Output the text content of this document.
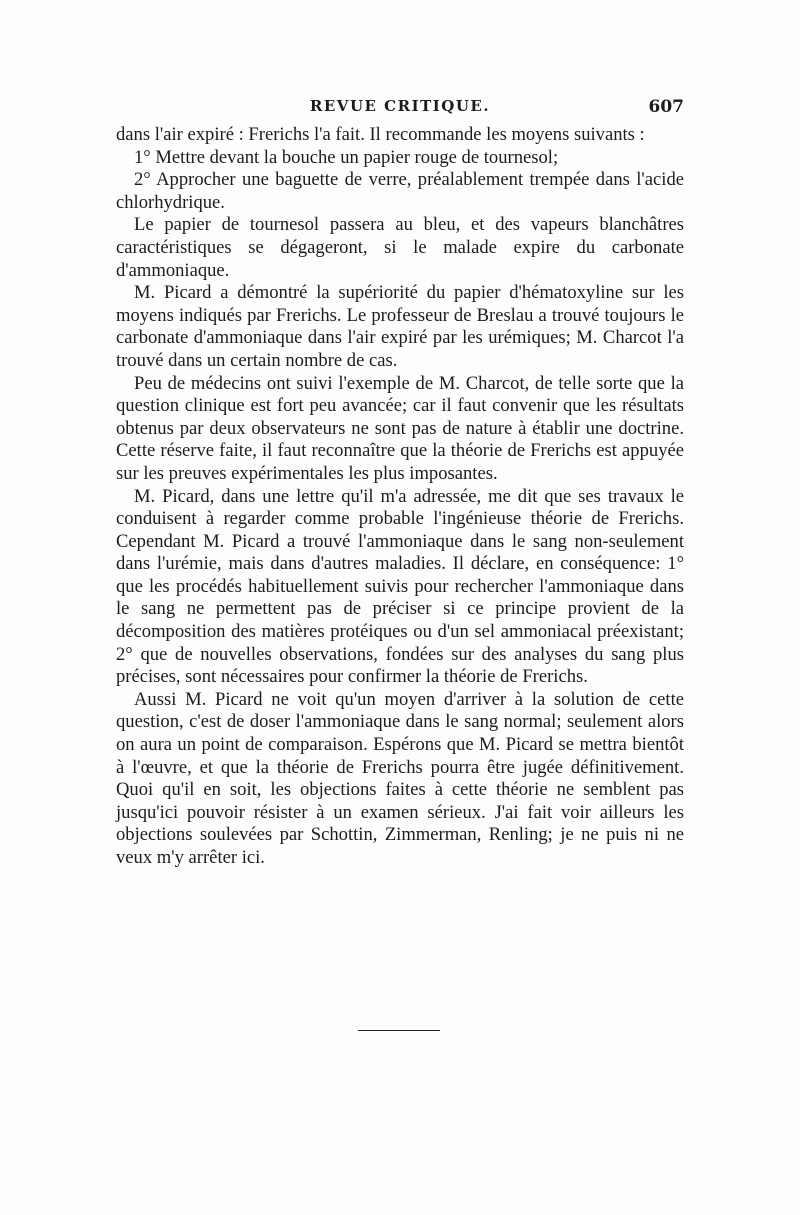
REVUE CRITIQUE.	607

dans l'air expiré : Frerichs l'a fait. Il recommande les moyens suivants :

1° Mettre devant la bouche un papier rouge de tournesol;

2° Approcher une baguette de verre, préalablement trempée dans l'acide chlorhydrique.

Le papier de tournesol passera au bleu, et des vapeurs blanchâtres caractéristiques se dégageront, si le malade expire du carbonate d'ammoniaque.

M. Picard a démontré la supériorité du papier d'hématoxyline sur les moyens indiqués par Frerichs. Le professeur de Breslau a trouvé toujours le carbonate d'ammoniaque dans l'air expiré par les urémiques; M. Charcot l'a trouvé dans un certain nombre de cas.

Peu de médecins ont suivi l'exemple de M. Charcot, de telle sorte que la question clinique est fort peu avancée; car il faut convenir que les résultats obtenus par deux observateurs ne sont pas de nature à établir une doctrine. Cette réserve faite, il faut reconnaître que la théorie de Frerichs est appuyée sur les preuves expérimentales les plus imposantes.

M. Picard, dans une lettre qu'il m'a adressée, me dit que ses travaux le conduisent à regarder comme probable l'ingénieuse théorie de Frerichs. Cependant M. Picard a trouvé l'ammoniaque dans le sang non-seulement dans l'urémie, mais dans d'autres maladies. Il déclare, en conséquence: 1° que les procédés habituellement suivis pour rechercher l'ammoniaque dans le sang ne permettent pas de préciser si ce principe provient de la décomposition des matières protéiques ou d'un sel ammoniacal préexistant; 2° que de nouvelles observations, fondées sur des analyses du sang plus précises, sont nécessaires pour confirmer la théorie de Frerichs.

Aussi M. Picard ne voit qu'un moyen d'arriver à la solution de cette question, c'est de doser l'ammoniaque dans le sang normal; seulement alors on aura un point de comparaison. Espérons que M. Picard se mettra bientôt à l'œuvre, et que la théorie de Frerichs pourra être jugée définitivement. Quoi qu'il en soit, les objections faites à cette théorie ne semblent pas jusqu'ici pouvoir résister à un examen sérieux. J'ai fait voir ailleurs les objections soulevées par Schottin, Zimmerman, Renling; je ne puis ni ne veux m'y arrêter ici.
